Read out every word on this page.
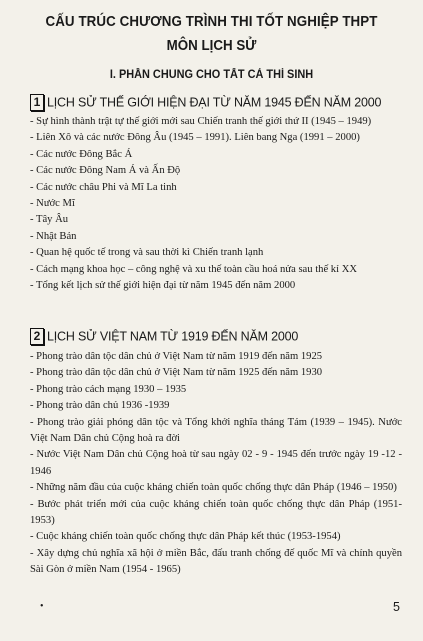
CẤU TRÚC CHƯƠNG TRÌNH THI TỐT NGHIỆP THPT
MÔN LỊCH SỬ
I. PHẦN CHUNG CHO TẤT CẢ THÍ SINH
1 LỊCH SỬ THẾ GIỚI HIỆN ĐẠI TỪ NĂM 1945 ĐẾN NĂM 2000

- Sự hình thành trật tự thế giới mới sau Chiến tranh thế giới thứ II (1945 – 1949)

- Liên Xô và các nước Đông Âu (1945 – 1991). Liên bang Nga (1991 – 2000)

- Các nước Đông Bắc Á

- Các nước Đông Nam Á và Ấn Độ

- Các nước châu Phi và Mĩ La tinh

- Nước Mĩ

- Tây Âu

- Nhật Bản

- Quan hệ quốc tế trong và sau thời kì Chiến tranh lạnh

- Cách mạng khoa học – công nghệ và xu thế toàn cầu hoá nửa sau thế kỉ XX

- Tổng kết lịch sử thế giới hiện đại từ năm 1945 đến năm 2000

2 LỊCH SỬ VIỆT NAM TỪ 1919 ĐẾN NĂM 2000

- Phong trào dân tộc dân chủ ở Việt Nam từ năm 1919 đến năm 1925

- Phong trào dân tộc dân chủ ở Việt Nam từ năm 1925 đến năm 1930

- Phong trào cách mạng 1930 – 1935

- Phong trào dân chủ 1936 -1939

- Phong trào giải phóng dân tộc và Tổng khởi nghĩa tháng Tám (1939 – 1945). Nước Việt Nam Dân chủ Cộng hoà ra đời

- Nước Việt Nam Dân chủ Cộng hoà từ sau ngày 02 - 9 - 1945 đến trước ngày 19 -12 - 1946

- Những năm đầu của cuộc kháng chiến toàn quốc chống thực dân Pháp (1946 – 1950)

- Bước phát triển mới của cuộc kháng chiến toàn quốc chống thực dân Pháp (1951- 1953)

- Cuộc kháng chiến toàn quốc chống thực dân Pháp kết thúc (1953-1954)

- Xây dựng chủ nghĩa xã hội ở miền Bắc, đấu tranh chống đế quốc Mĩ và chính quyền Sài Gòn ở miền Nam (1954 - 1965)

•	5
